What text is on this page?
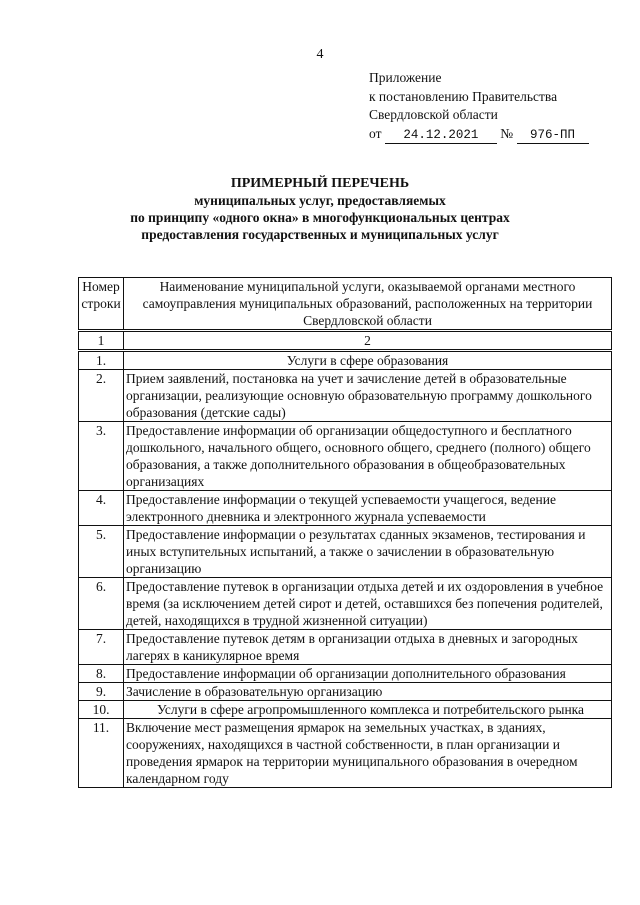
4
Приложение
к постановлению Правительства
Свердловской области
от 24.12.2021 № 976-ПП
ПРИМЕРНЫЙ ПЕРЕЧЕНЬ
муниципальных услуг, предоставляемых
по принципу «одного окна» в многофункциональных центрах
предоставления государственных и муниципальных услуг
Номер
строки	Наименование муниципальной услуги, оказываемой органами местного самоуправления муниципальных образований, расположенных на территории Свердловской области
1	2
1.	Услуги в сфере образования
2.	Прием заявлений, постановка на учет и зачисление детей в образовательные организации, реализующие основную образовательную программу дошкольного образования (детские сады)
3.	Предоставление информации об организации общедоступного и бесплатного дошкольного, начального общего, основного общего, среднего (полного) общего образования, а также дополнительного образования в общеобразовательных организациях
4.	Предоставление информации о текущей успеваемости учащегося, ведение электронного дневника и электронного журнала успеваемости
5.	Предоставление информации о результатах сданных экзаменов, тестирования и иных вступительных испытаний, а также о зачислении в образовательную организацию
6.	Предоставление путевок в организации отдыха детей и их оздоровления в учебное время (за исключением детей сирот и детей, оставшихся без попечения родителей, детей, находящихся в трудной жизненной ситуации)
7.	Предоставление путевок детям в организации отдыха в дневных и загородных лагерях в каникулярное время
8.	Предоставление информации об организации дополнительного образования
9.	Зачисление в образовательную организацию
10.	Услуги в сфере агропромышленного комплекса и потребительского рынка
11.	Включение мест размещения ярмарок на земельных участках, в зданиях, сооружениях, находящихся в частной собственности, в план организации и проведения ярмарок на территории муниципального образования в очередном календарном году
